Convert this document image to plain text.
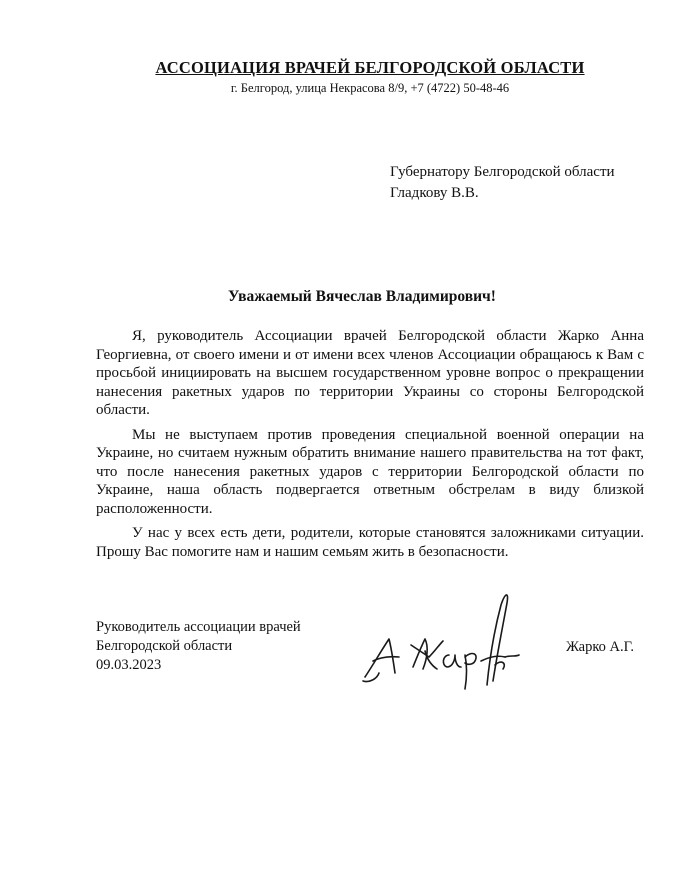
АССОЦИАЦИЯ ВРАЧЕЙ БЕЛГОРОДСКОЙ ОБЛАСТИ
г. Белгород, улица Некрасова 8/9, +7 (4722) 50-48-46
Губернатору Белгородской области
Гладкову В.В.
Уважаемый Вячеслав Владимирович!

Я, руководитель Ассоциации врачей Белгородской области Жарко Анна Георгиевна, от своего имени и от имени всех членов Ассоциации обращаюсь к Вам с просьбой инициировать на высшем государственном уровне вопрос о прекращении нанесения ракетных ударов по территории Украины со стороны Белгородской области.

Мы не выступаем против проведения специальной военной операции на Украине, но считаем нужным обратить внимание нашего правительства на тот факт, что после нанесения ракетных ударов с территории Белгородской области по Украине, наша область подвергается ответным обстрелам в виду близкой расположенности.

У нас у всех есть дети, родители, которые становятся заложниками ситуации. Прошу Вас помогите нам и нашим семьям жить в безопасности.

Руководитель ассоциации врачей
Белгородской области
09.03.2023
Жарко А.Г.
